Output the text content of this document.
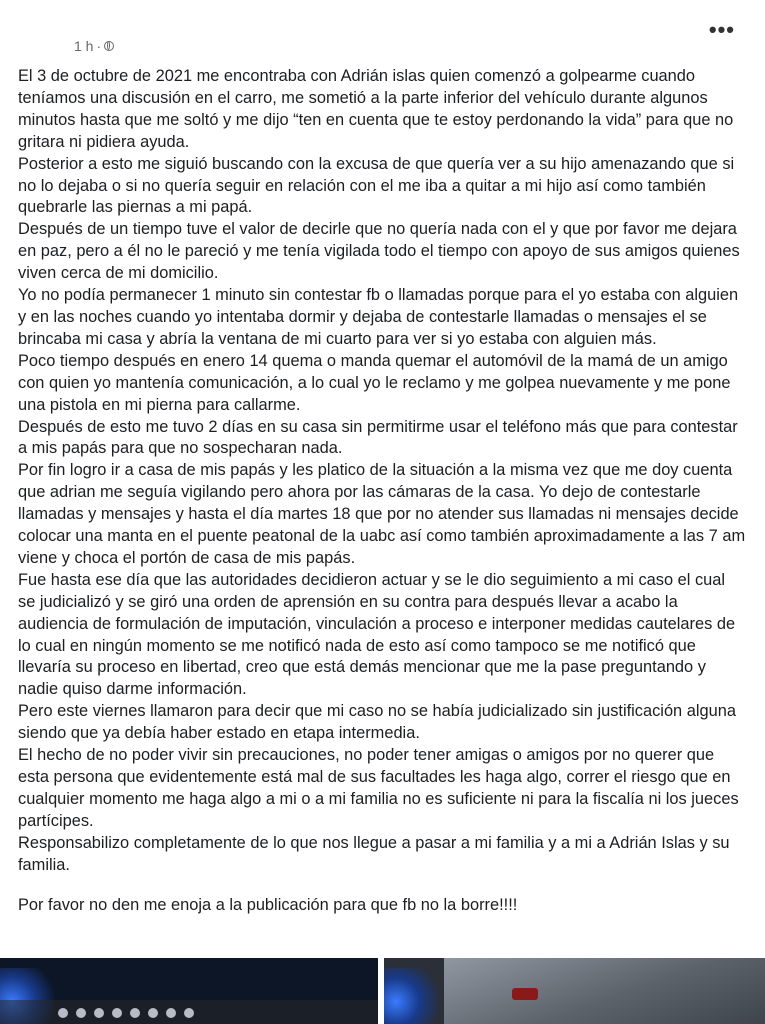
1 h ·
•••

El 3 de octubre de 2021 me encontraba con Adrián islas quien comenzó a golpearme cuando teníamos una discusión en el carro, me sometió a la parte inferior del vehículo durante algunos minutos hasta que me soltó y me dijo “ten en cuenta que te estoy perdonando la vida” para que no gritara ni pidiera ayuda.

Posterior a esto me siguió buscando con la excusa de que quería ver a su hijo amenazando que si no lo dejaba o si no quería seguir en relación con el me iba a quitar a mi hijo así como también quebrarle las piernas a mi papá.

Después de un tiempo tuve el valor de decirle que no quería nada con el y que por favor me dejara en paz, pero a él no le pareció y me tenía vigilada todo el tiempo con apoyo de sus amigos quienes viven cerca de mi domicilio.

Yo no podía permanecer 1 minuto sin contestar fb o llamadas porque para el yo estaba con alguien y en las noches cuando yo intentaba dormir y dejaba de contestarle llamadas o mensajes el se brincaba mi casa y abría la ventana de mi cuarto para ver si yo estaba con alguien más.

Poco tiempo después en enero 14 quema o manda quemar el automóvil de la mamá de un amigo con quien yo mantenía comunicación, a lo cual yo le reclamo y me golpea nuevamente y me pone una pistola en mi pierna para callarme.

Después de esto me tuvo 2 días en su casa sin permitirme usar el teléfono más que para contestar a mis papás para que no sospecharan nada.

Por fin logro ir a casa de mis papás y les platico de la situación a la misma vez que me doy cuenta que adrian me seguía vigilando pero ahora por las cámaras de la casa. Yo dejo de contestarle llamadas y mensajes y hasta el día martes 18 que por no atender sus llamadas ni mensajes decide colocar una manta en el puente peatonal de la uabc así como también aproximadamente a las 7 am viene y choca el portón de casa de mis papás.

Fue hasta ese día que las autoridades decidieron actuar y se le dio seguimiento a mi caso el cual se judicializó y se giró una orden de aprensión en su contra para después llevar a acabo la audiencia de formulación de imputación, vinculación a proceso e interponer medidas cautelares de lo cual en ningún momento se me notificó nada de esto así como tampoco se me notificó que llevaría su proceso en libertad, creo que está demás mencionar que me la pase preguntando y nadie quiso darme información.

Pero este viernes llamaron para decir que mi caso no se había judicializado sin justificación alguna siendo que ya debía haber estado en etapa intermedia.

El hecho de no poder vivir sin precauciones, no poder tener amigas o amigos por no querer que esta persona que evidentemente está mal de sus facultades les haga algo, correr el riesgo que en cualquier momento me haga algo a mi o a mi familia no es suficiente ni para la fiscalía ni los jueces partícipes.

Responsabilizo completamente de lo que nos llegue a pasar a mi familia y a mi a Adrián Islas y su familia.

Por favor no den me enoja a la publicación para que fb no la borre!!!!
